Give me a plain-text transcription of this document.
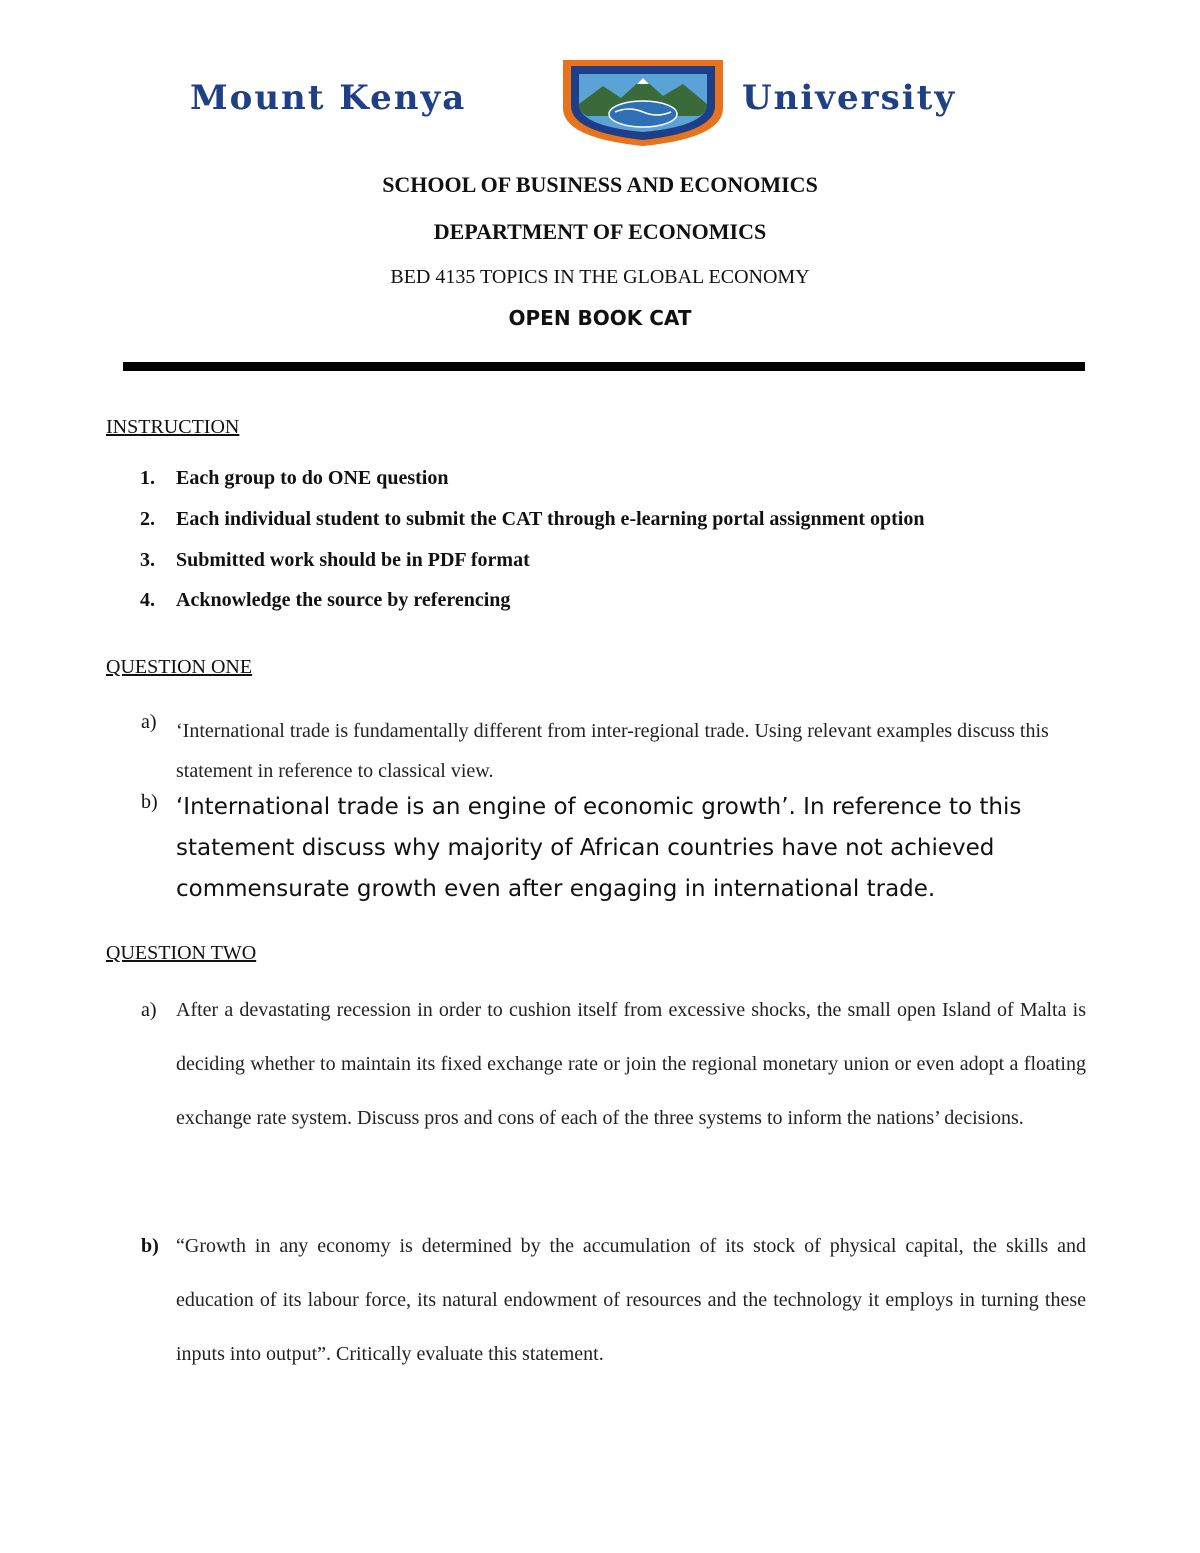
Mount Kenya	University
SCHOOL OF BUSINESS AND ECONOMICS
DEPARTMENT OF ECONOMICS
BED 4135 TOPICS IN THE GLOBAL ECONOMY
OPEN BOOK CAT
INSTRUCTION
1. Each group to do ONE question
2. Each individual student to submit the CAT through e-learning portal assignment option
3. Submitted work should be in PDF format
4. Acknowledge the source by referencing
QUESTION ONE
a) ‘International trade is fundamentally different from inter-regional trade. Using relevant examples discuss this statement in reference to classical view.
b) ‘International trade is an engine of economic growth’. In reference to this statement discuss why majority of African countries have not achieved commensurate growth even after engaging in international trade.
QUESTION TWO
a) After a devastating recession in order to cushion itself from excessive shocks, the small open Island of Malta is deciding whether to maintain its fixed exchange rate or join the regional monetary union or even adopt a floating exchange rate system. Discuss pros and cons of each of the three systems to inform the nations’ decisions.
b) “Growth in any economy is determined by the accumulation of its stock of physical capital, the skills and education of its labour force, its natural endowment of resources and the technology it employs in turning these inputs into output”. Critically evaluate this statement.
